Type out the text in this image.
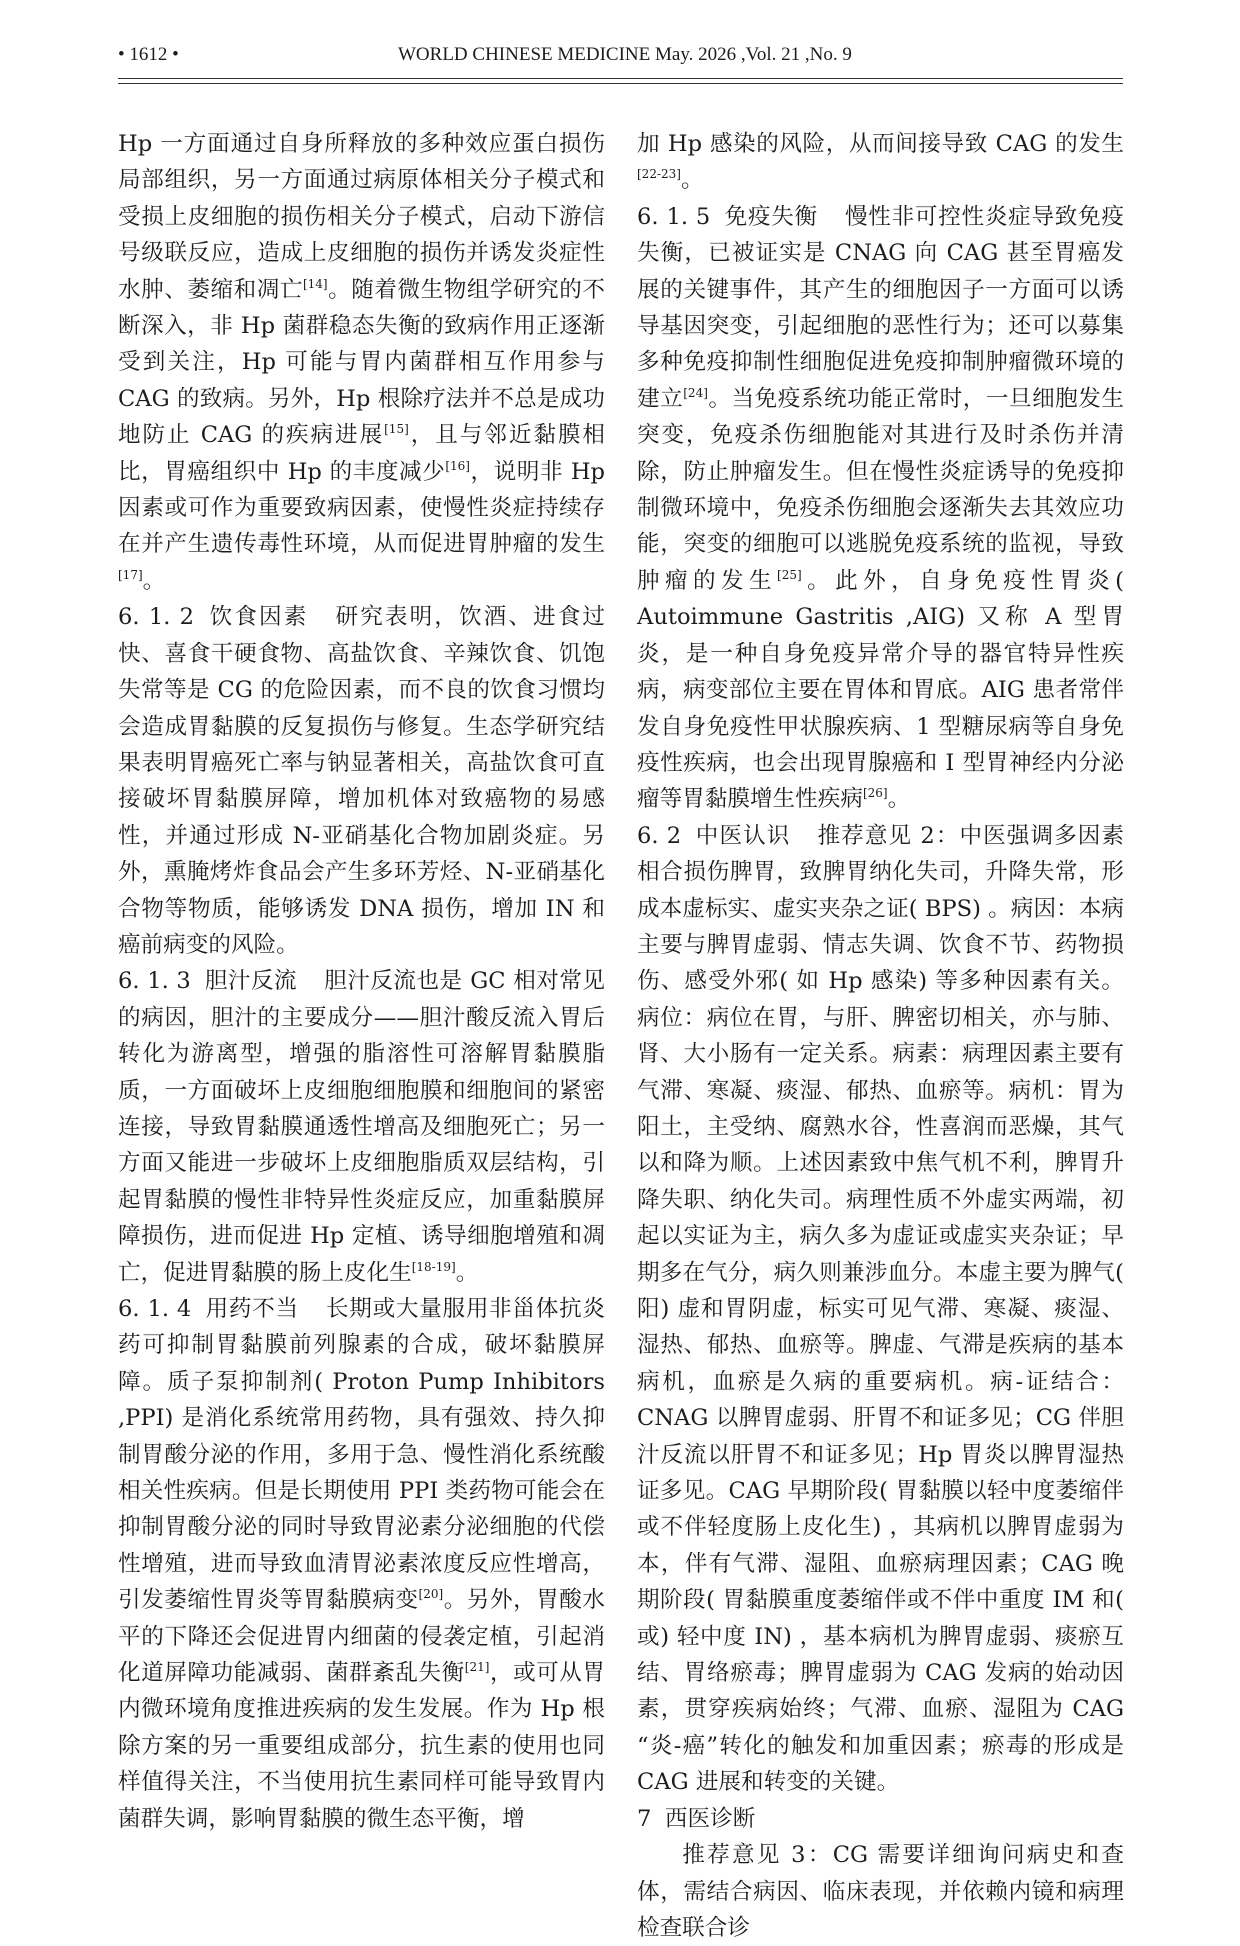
• 1612 •	WORLD CHINESE MEDICINE May. 2026 ,Vol. 21 ,No. 9

Hp 一方面通过自身所释放的多种效应蛋白损伤局部组织，另一方面通过病原体相关分子模式和受损上皮细胞的损伤相关分子模式，启动下游信号级联反应，造成上皮细胞的损伤并诱发炎症性水肿、萎缩和凋亡[14]。随着微生物组学研究的不断深入，非 Hp 菌群稳态失衡的致病作用正逐渐受到关注，Hp 可能与胃内菌群相互作用参与 CAG 的致病。另外，Hp 根除疗法并不总是成功地防止 CAG 的疾病进展[15]，且与邻近黏膜相比，胃癌组织中 Hp 的丰度减少[16]，说明非 Hp 因素或可作为重要致病因素，使慢性炎症持续存在并产生遗传毒性环境，从而促进胃肿瘤的发生[17]。

6. 1. 2 饮食因素 研究表明，饮酒、进食过快、喜食干硬食物、高盐饮食、辛辣饮食、饥饱失常等是 CG 的危险因素，而不良的饮食习惯均会造成胃黏膜的反复损伤与修复。生态学研究结果表明胃癌死亡率与钠显著相关，高盐饮食可直接破坏胃黏膜屏障，增加机体对致癌物的易感性，并通过形成 N-亚硝基化合物加剧炎症。另外，熏腌烤炸食品会产生多环芳烃、N-亚硝基化合物等物质，能够诱发 DNA 损伤，增加 IN 和癌前病变的风险。

6. 1. 3 胆汁反流 胆汁反流也是 GC 相对常见的病因，胆汁的主要成分——胆汁酸反流入胃后转化为游离型，增强的脂溶性可溶解胃黏膜脂质，一方面破坏上皮细胞细胞膜和细胞间的紧密连接，导致胃黏膜通透性增高及细胞死亡；另一方面又能进一步破坏上皮细胞脂质双层结构，引起胃黏膜的慢性非特异性炎症反应，加重黏膜屏障损伤，进而促进 Hp 定植、诱导细胞增殖和凋亡，促进胃黏膜的肠上皮化生[18-19]。

6. 1. 4 用药不当 长期或大量服用非甾体抗炎药可抑制胃黏膜前列腺素的合成，破坏黏膜屏障。质子泵抑制剂( Proton Pump Inhibitors ,PPI) 是消化系统常用药物，具有强效、持久抑制胃酸分泌的作用，多用于急、慢性消化系统酸相关性疾病。但是长期使用 PPI 类药物可能会在抑制胃酸分泌的同时导致胃泌素分泌细胞的代偿性增殖，进而导致血清胃泌素浓度反应性增高，引发萎缩性胃炎等胃黏膜病变[20]。另外，胃酸水平的下降还会促进胃内细菌的侵袭定植，引起消化道屏障功能减弱、菌群紊乱失衡[21]，或可从胃内微环境角度推进疾病的发生发展。作为 Hp 根除方案的另一重要组成部分，抗生素的使用也同样值得关注，不当使用抗生素同样可能导致胃内菌群失调，影响胃黏膜的微生态平衡，增

加 Hp 感染的风险，从而间接导致 CAG 的发生[22-23]。

6. 1. 5 免疫失衡 慢性非可控性炎症导致免疫失衡，已被证实是 CNAG 向 CAG 甚至胃癌发展的关键事件，其产生的细胞因子一方面可以诱导基因突变，引起细胞的恶性行为；还可以募集多种免疫抑制性细胞促进免疫抑制肿瘤微环境的建立[24]。当免疫系统功能正常时，一旦细胞发生突变，免疫杀伤细胞能对其进行及时杀伤并清除，防止肿瘤发生。但在慢性炎症诱导的免疫抑制微环境中，免疫杀伤细胞会逐渐失去其效应功能，突变的细胞可以逃脱免疫系统的监视，导致肿瘤的发生[25]。此外，自身免疫性胃炎( Autoimmune Gastritis ,AIG) 又称 A 型胃炎，是一种自身免疫异常介导的器官特异性疾病，病变部位主要在胃体和胃底。AIG 患者常伴发自身免疫性甲状腺疾病、1 型糖尿病等自身免疫性疾病，也会出现胃腺癌和 Ⅰ 型胃神经内分泌瘤等胃黏膜增生性疾病[26]。

6. 2 中医认识 推荐意见 2：中医强调多因素相合损伤脾胃，致脾胃纳化失司，升降失常，形成本虚标实、虚实夹杂之证( BPS) 。病因：本病主要与脾胃虚弱、情志失调、饮食不节、药物损伤、感受外邪( 如 Hp 感染) 等多种因素有关。病位：病位在胃，与肝、脾密切相关，亦与肺、肾、大小肠有一定关系。病素：病理因素主要有气滞、寒凝、痰湿、郁热、血瘀等。病机：胃为阳土，主受纳、腐熟水谷，性喜润而恶燥，其气以和降为顺。上述因素致中焦气机不利，脾胃升降失职、纳化失司。病理性质不外虚实两端，初起以实证为主，病久多为虚证或虚实夹杂证；早期多在气分，病久则兼涉血分。本虚主要为脾气( 阳) 虚和胃阴虚，标实可见气滞、寒凝、痰湿、湿热、郁热、血瘀等。脾虚、气滞是疾病的基本病机，血瘀是久病的重要病机。病-证结合：CNAG 以脾胃虚弱、肝胃不和证多见；CG 伴胆汁反流以肝胃不和证多见；Hp 胃炎以脾胃湿热证多见。CAG 早期阶段( 胃黏膜以轻中度萎缩伴或不伴轻度肠上皮化生) ，其病机以脾胃虚弱为本，伴有气滞、湿阻、血瘀病理因素；CAG 晚期阶段( 胃黏膜重度萎缩伴或不伴中重度 IM 和( 或) 轻中度 IN) ，基本病机为脾胃虚弱、痰瘀互结、胃络瘀毒；脾胃虚弱为 CAG 发病的始动因素，贯穿疾病始终；气滞、血瘀、湿阻为 CAG “炎-癌”转化的触发和加重因素；瘀毒的形成是 CAG 进展和转变的关键。

7 西医诊断

推荐意见 3：CG 需要详细询问病史和查体，需结合病因、临床表现，并依赖内镜和病理检查联合诊
